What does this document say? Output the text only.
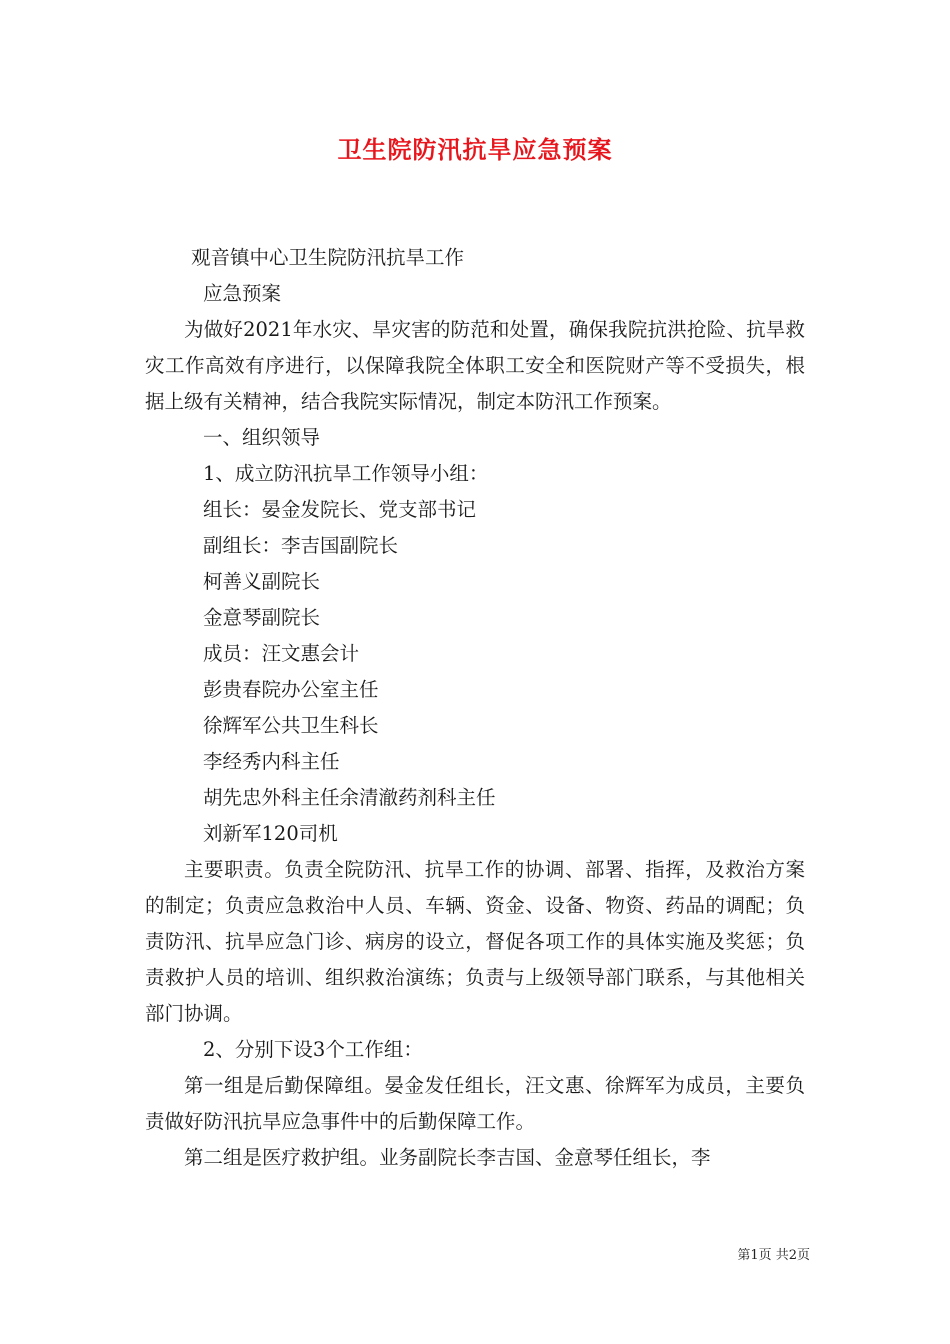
卫生院防汛抗旱应急预案

观音镇中心卫生院防汛抗旱工作

应急预案

为做好2021年水灾、旱灾害的防范和处置，确保我院抗洪抢险、抗旱救灾工作高效有序进行，以保障我院全体职工安全和医院财产等不受损失，根据上级有关精神，结合我院实际情况，制定本防汛工作预案。

一、组织领导

1、成立防汛抗旱工作领导小组：

组长：晏金发院长、党支部书记

副组长：李吉国副院长

柯善义副院长

金意琴副院长

成员：汪文惠会计

彭贵春院办公室主任

徐辉军公共卫生科长

李经秀内科主任

胡先忠外科主任余清澈药剂科主任

刘新军120司机

主要职责。负责全院防汛、抗旱工作的协调、部署、指挥，及救治方案的制定；负责应急救治中人员、车辆、资金、设备、物资、药品的调配；负责防汛、抗旱应急门诊、病房的设立，督促各项工作的具体实施及奖惩；负责救护人员的培训、组织救治演练；负责与上级领导部门联系，与其他相关部门协调。

2、分别下设3个工作组：

第一组是后勤保障组。晏金发任组长，汪文惠、徐辉军为成员，主要负责做好防汛抗旱应急事件中的后勤保障工作。

第二组是医疗救护组。业务副院长李吉国、金意琴任组长，李

第1页 共2页
